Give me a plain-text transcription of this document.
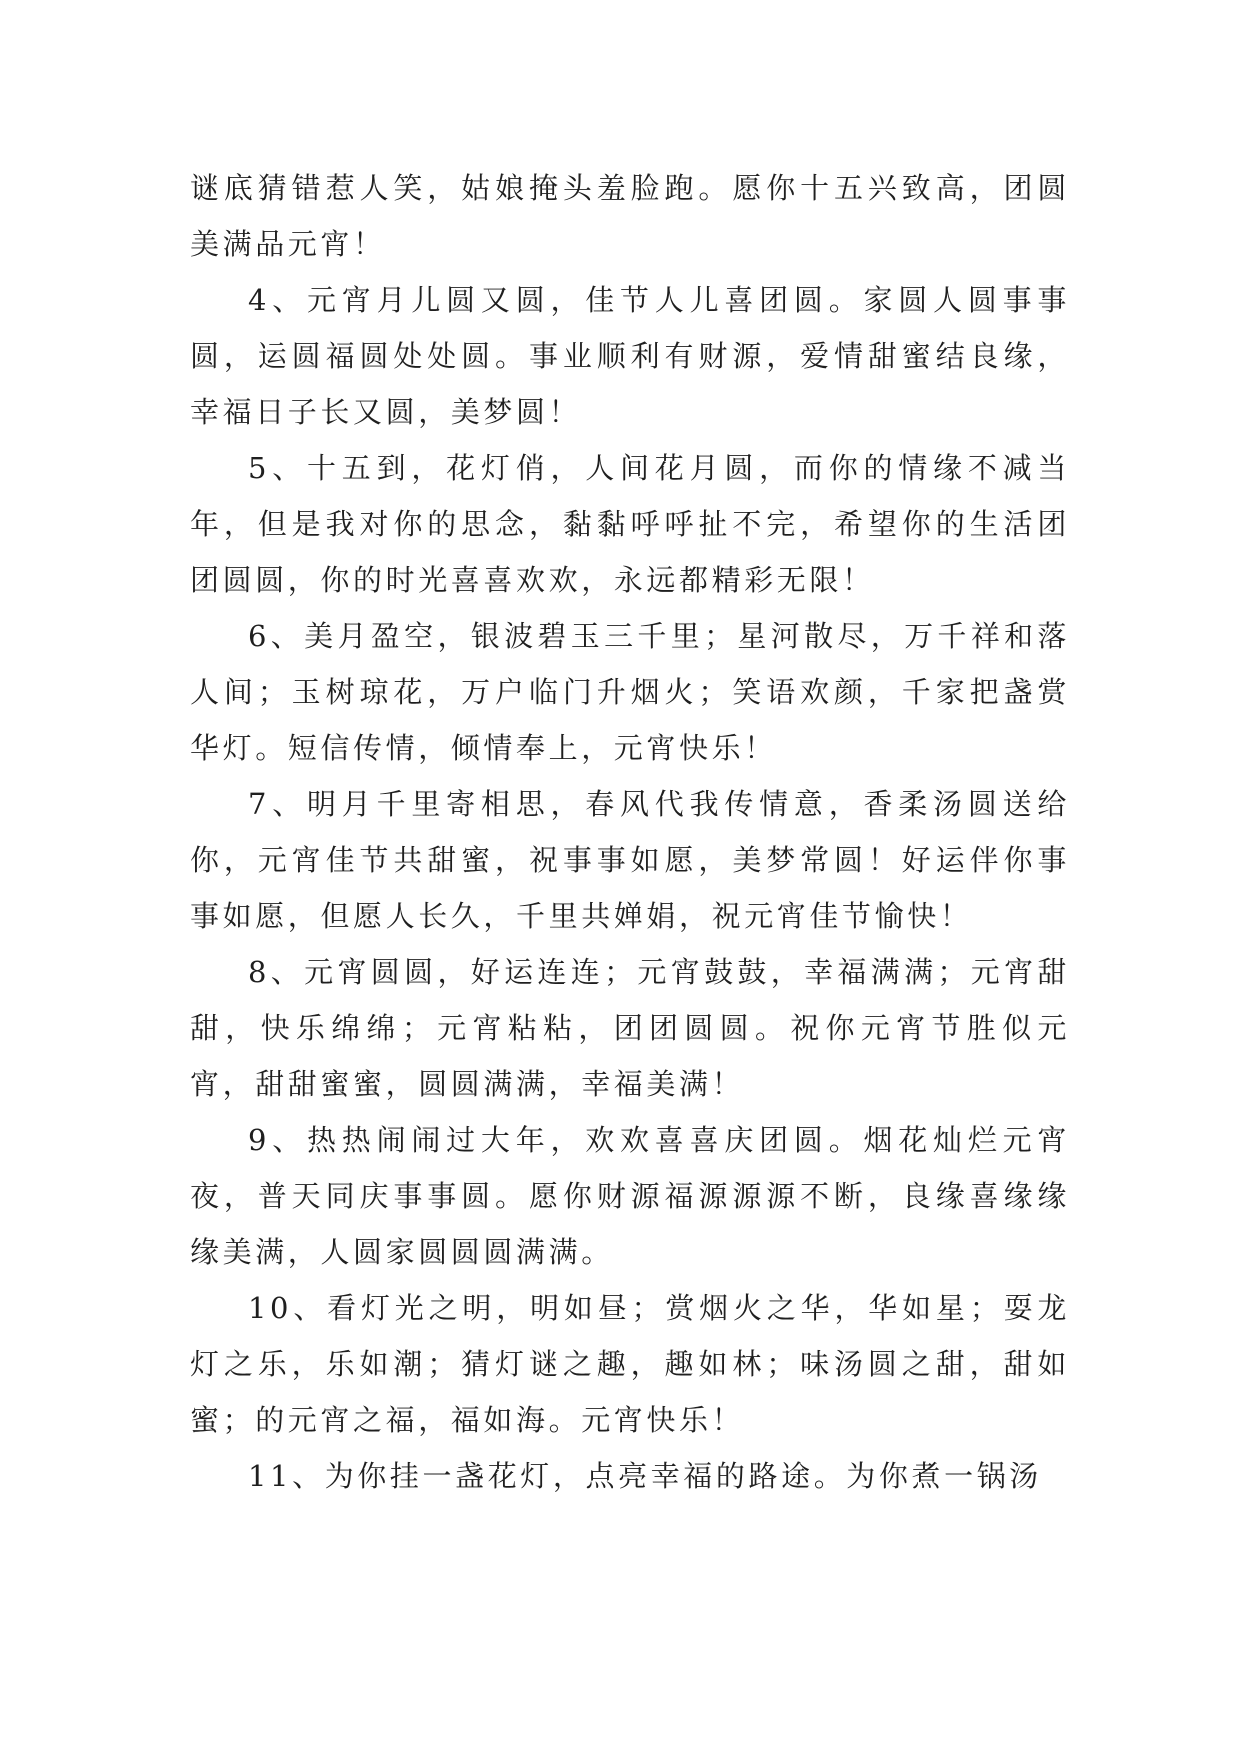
谜底猜错惹人笑，姑娘掩头羞脸跑。愿你十五兴致高，团圆美满品元宵！

4、元宵月儿圆又圆，佳节人儿喜团圆。家圆人圆事事圆，运圆福圆处处圆。事业顺利有财源，爱情甜蜜结良缘，幸福日子长又圆，美梦圆！

5、十五到，花灯俏，人间花月圆，而你的情缘不减当年，但是我对你的思念，黏黏呼呼扯不完，希望你的生活团团圆圆，你的时光喜喜欢欢，永远都精彩无限！

6、美月盈空，银波碧玉三千里；星河散尽，万千祥和落人间；玉树琼花，万户临门升烟火；笑语欢颜，千家把盏赏华灯。短信传情，倾情奉上，元宵快乐！

7、明月千里寄相思，春风代我传情意，香柔汤圆送给你，元宵佳节共甜蜜，祝事事如愿，美梦常圆！好运伴你事事如愿，但愿人长久，千里共婵娟，祝元宵佳节愉快！

8、元宵圆圆，好运连连；元宵鼓鼓，幸福满满；元宵甜甜，快乐绵绵；元宵粘粘，团团圆圆。祝你元宵节胜似元宵，甜甜蜜蜜，圆圆满满，幸福美满！

9、热热闹闹过大年，欢欢喜喜庆团圆。烟花灿烂元宵夜，普天同庆事事圆。愿你财源福源源源不断，良缘喜缘缘缘美满，人圆家圆圆圆满满。

10、看灯光之明，明如昼；赏烟火之华，华如星；耍龙灯之乐，乐如潮；猜灯谜之趣，趣如林；味汤圆之甜，甜如蜜；的元宵之福，福如海。元宵快乐！

11、为你挂一盏花灯，点亮幸福的路途。为你煮一锅汤
